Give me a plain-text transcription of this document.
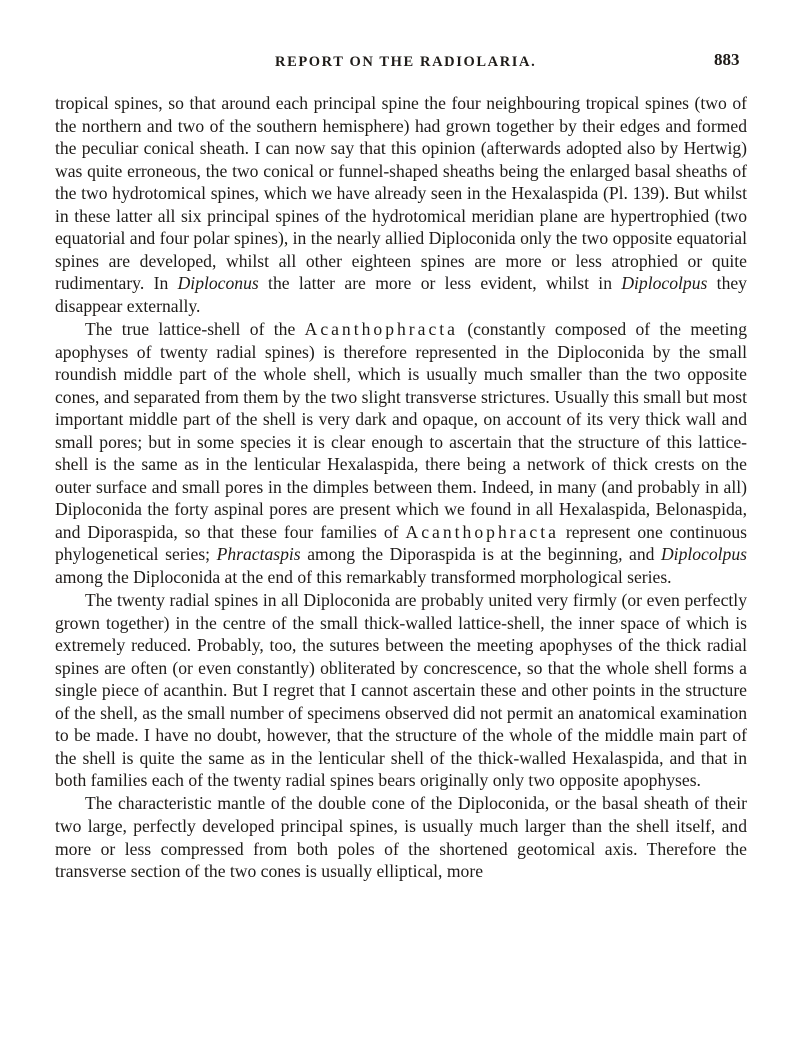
REPORT ON THE RADIOLARIA.	883

tropical spines, so that around each principal spine the four neighbouring tropical spines (two of the northern and two of the southern hemisphere) had grown together by their edges and formed the peculiar conical sheath. I can now say that this opinion (afterwards adopted also by Hertwig) was quite erroneous, the two conical or funnel-shaped sheaths being the enlarged basal sheaths of the two hydrotomical spines, which we have already seen in the Hexalaspida (Pl. 139). But whilst in these latter all six principal spines of the hydrotomical meridian plane are hypertrophied (two equatorial and four polar spines), in the nearly allied Diploconida only the two opposite equatorial spines are developed, whilst all other eighteen spines are more or less atrophied or quite rudimentary. In Diploconus the latter are more or less evident, whilst in Diplocolpus they disappear externally.

The true lattice-shell of the Acanthophracta (constantly composed of the meeting apophyses of twenty radial spines) is therefore represented in the Diploconida by the small roundish middle part of the whole shell, which is usually much smaller than the two opposite cones, and separated from them by the two slight transverse strictures. Usually this small but most important middle part of the shell is very dark and opaque, on account of its very thick wall and small pores; but in some species it is clear enough to ascertain that the structure of this lattice-shell is the same as in the lenticular Hexalaspida, there being a network of thick crests on the outer surface and small pores in the dimples between them. Indeed, in many (and probably in all) Diploconida the forty aspinal pores are present which we found in all Hexalaspida, Belonaspida, and Diporaspida, so that these four families of Acanthophracta represent one continuous phylogenetical series; Phractaspis among the Diporaspida is at the beginning, and Diplocolpus among the Diploconida at the end of this remarkably transformed morphological series.

The twenty radial spines in all Diploconida are probably united very firmly (or even perfectly grown together) in the centre of the small thick-walled lattice-shell, the inner space of which is extremely reduced. Probably, too, the sutures between the meeting apophyses of the thick radial spines are often (or even constantly) obliterated by concrescence, so that the whole shell forms a single piece of acanthin. But I regret that I cannot ascertain these and other points in the structure of the shell, as the small number of specimens observed did not permit an anatomical examination to be made. I have no doubt, however, that the structure of the whole of the middle main part of the shell is quite the same as in the lenticular shell of the thick-walled Hexalaspida, and that in both families each of the twenty radial spines bears originally only two opposite apophyses.

The characteristic mantle of the double cone of the Diploconida, or the basal sheath of their two large, perfectly developed principal spines, is usually much larger than the shell itself, and more or less compressed from both poles of the shortened geotomical axis. Therefore the transverse section of the two cones is usually elliptical, more
